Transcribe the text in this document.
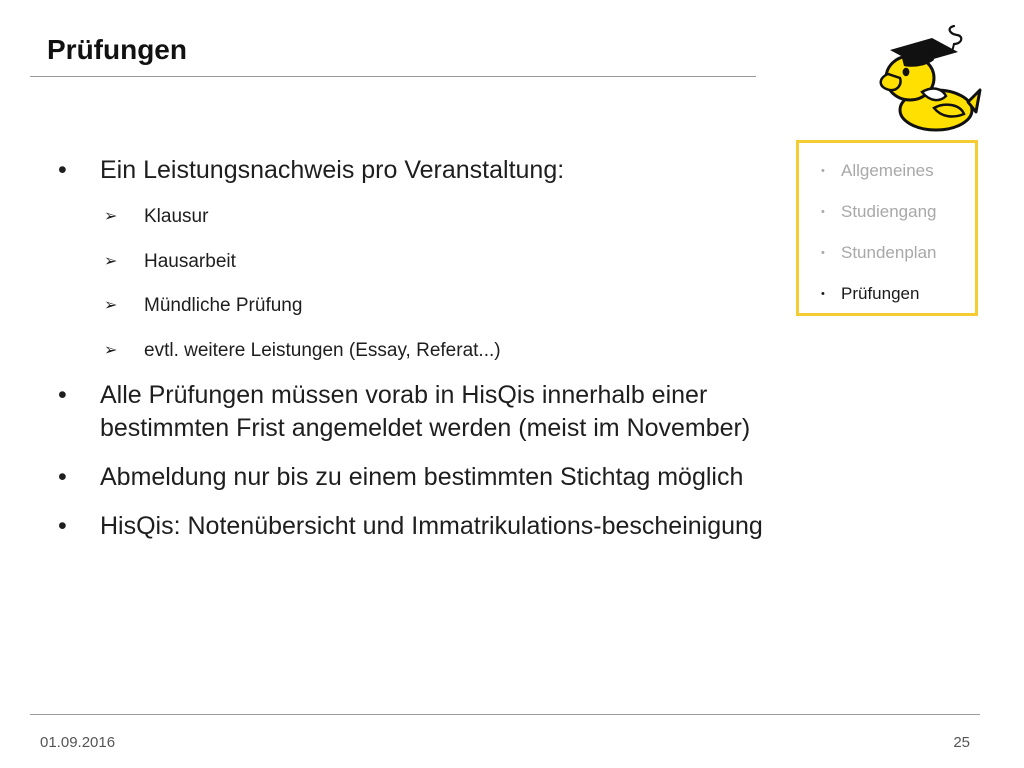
Prüfungen
• Allgemeines
• Studiengang
• Stundenplan
• Prüfungen
•	Ein Leistungsnachweis pro Veranstaltung:
➢	Klausur
➢	Hausarbeit
➢	Mündliche Prüfung
➢	evtl. weitere Leistungen (Essay, Referat...)
•	Alle Prüfungen müssen vorab in HisQis innerhalb einer bestimmten Frist angemeldet werden (meist im November)
•	Abmeldung nur bis zu einem bestimmten Stichtag möglich
•	HisQis: Notenübersicht und Immatrikulations-bescheinigung
01.09.2016	25
